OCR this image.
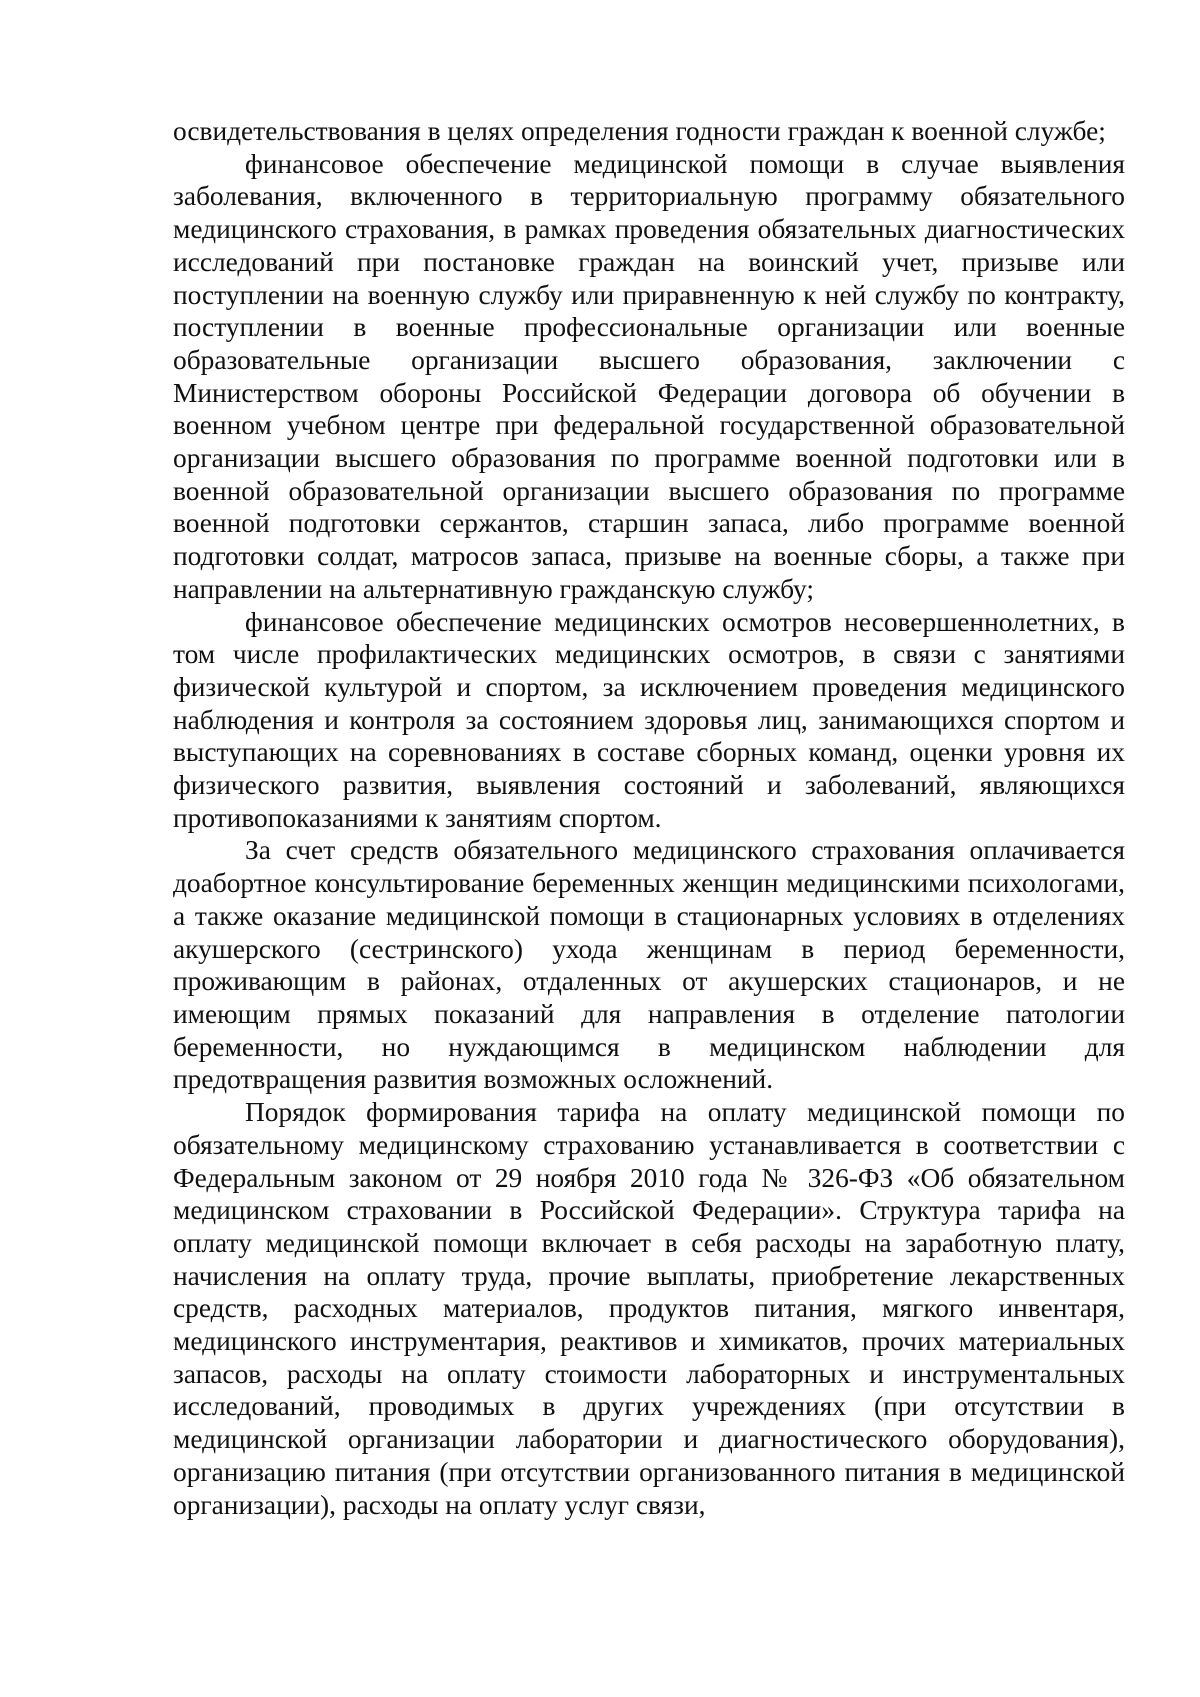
освидетельствования в целях определения годности граждан к военной службе;

финансовое обеспечение медицинской помощи в случае выявления заболевания, включенного в территориальную программу обязательного медицинского страхования, в рамках проведения обязательных диагностических исследований при постановке граждан на воинский учет, призыве или поступлении на военную службу или приравненную к ней службу по контракту, поступлении в военные профессиональные организации или военные образовательные организации высшего образования, заключении с Министерством обороны Российской Федерации договора об обучении в военном учебном центре при федеральной государственной образовательной организации высшего образования по программе военной подготовки или в военной образовательной организации высшего образования по программе военной подготовки сержантов, старшин запаса, либо программе военной подготовки солдат, матросов запаса, призыве на военные сборы, а также при направлении на альтернативную гражданскую службу;

финансовое обеспечение медицинских осмотров несовершеннолетних, в том числе профилактических медицинских осмотров, в связи с занятиями физической культурой и спортом, за исключением проведения медицинского наблюдения и контроля за состоянием здоровья лиц, занимающихся спортом и выступающих на соревнованиях в составе сборных команд, оценки уровня их физического развития, выявления состояний и заболеваний, являющихся противопоказаниями к занятиям спортом.

За счет средств обязательного медицинского страхования оплачивается доабортное консультирование беременных женщин медицинскими психологами, а также оказание медицинской помощи в стационарных условиях в отделениях акушерского (сестринского) ухода женщинам в период беременности, проживающим в районах, отдаленных от акушерских стационаров, и не имеющим прямых показаний для направления в отделение патологии беременности, но нуждающимся в медицинском наблюдении для предотвращения развития возможных осложнений.

Порядок формирования тарифа на оплату медицинской помощи по обязательному медицинскому страхованию устанавливается в соответствии с Федеральным законом от 29 ноября 2010 года № 326-ФЗ «Об обязательном медицинском страховании в Российской Федерации». Структура тарифа на оплату медицинской помощи включает в себя расходы на заработную плату, начисления на оплату труда, прочие выплаты, приобретение лекарственных средств, расходных материалов, продуктов питания, мягкого инвентаря, медицинского инструментария, реактивов и химикатов, прочих материальных запасов, расходы на оплату стоимости лабораторных и инструментальных исследований, проводимых в других учреждениях (при отсутствии в медицинской организации лаборатории и диагностического оборудования), организацию питания (при отсутствии организованного питания в медицинской организации), расходы на оплату услуг связи,
